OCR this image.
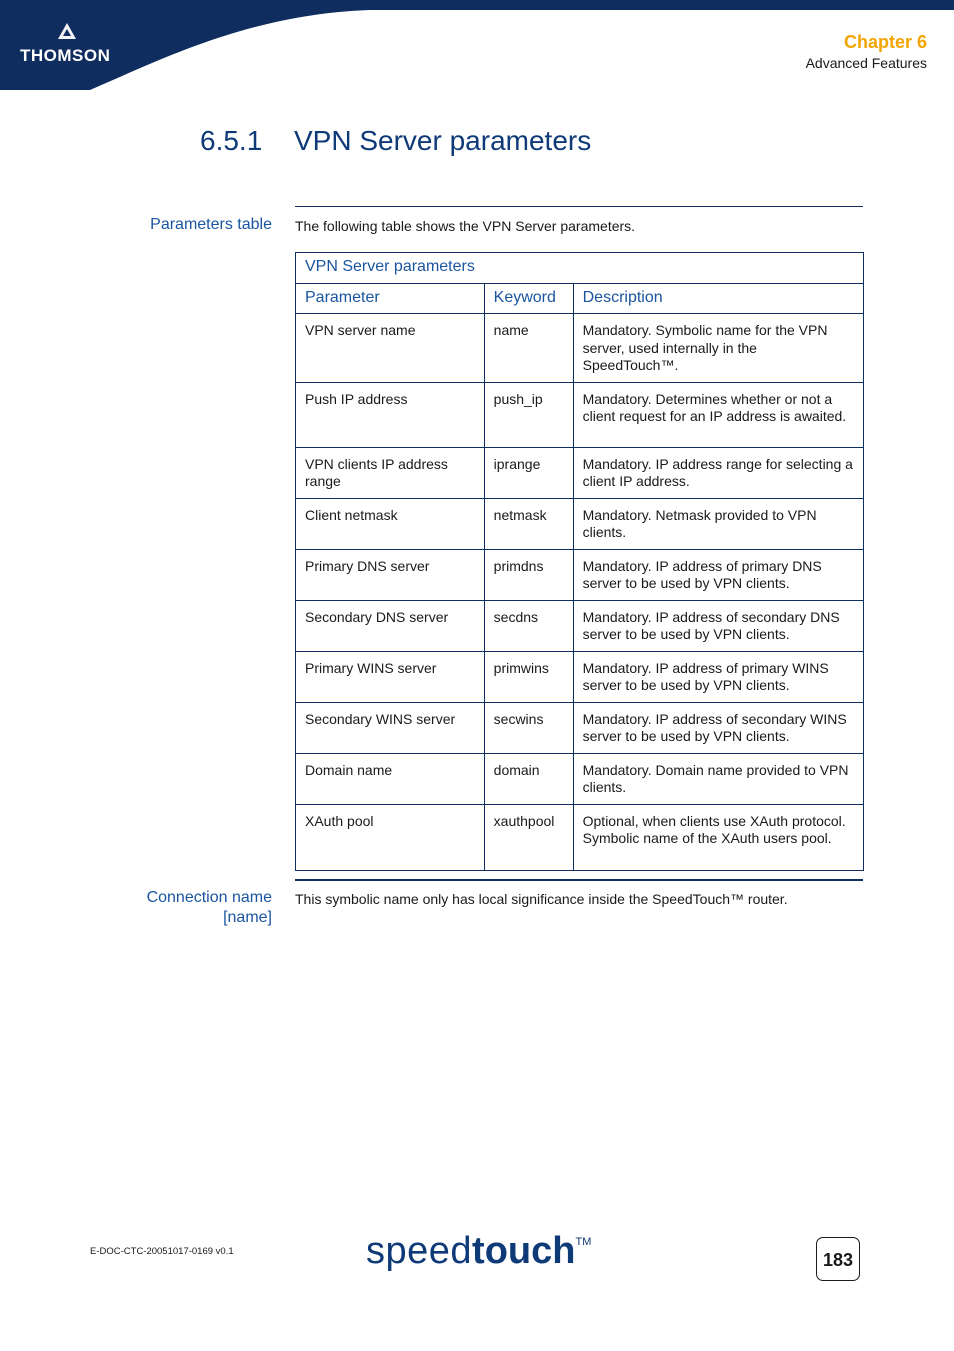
THOMSON
Chapter 6
Advanced Features
6.5.1 VPN Server parameters
Parameters table The following table shows the VPN Server parameters.
VPN Server parameters		
Parameter	Keyword	Description
VPN server name	name	Mandatory. Symbolic name for the VPN server, used internally in the SpeedTouch™.
Push IP address	push_ip	Mandatory. Determines whether or not a client request for an IP address is awaited.
VPN clients IP address range	iprange	Mandatory. IP address range for selecting a client IP address.
Client netmask	netmask	Mandatory. Netmask provided to VPN clients.
Primary DNS server	primdns	Mandatory. IP address of primary DNS server to be used by VPN clients.
Secondary DNS server	secdns	Mandatory. IP address of secondary DNS server to be used by VPN clients.
Primary WINS server	primwins	Mandatory. IP address of primary WINS server to be used by VPN clients.
Secondary WINS server	secwins	Mandatory. IP address of secondary WINS server to be used by VPN clients.
Domain name	domain	Mandatory. Domain name provided to VPN clients.
XAuth pool	xauthpool	Optional, when clients use XAuth protocol. Symbolic name of the XAuth users pool.
Connection name
[name]
This symbolic name only has local significance inside the SpeedTouch™ router.
E-DOC-CTC-20051017-0169 v0.1	speedtouch™
183
